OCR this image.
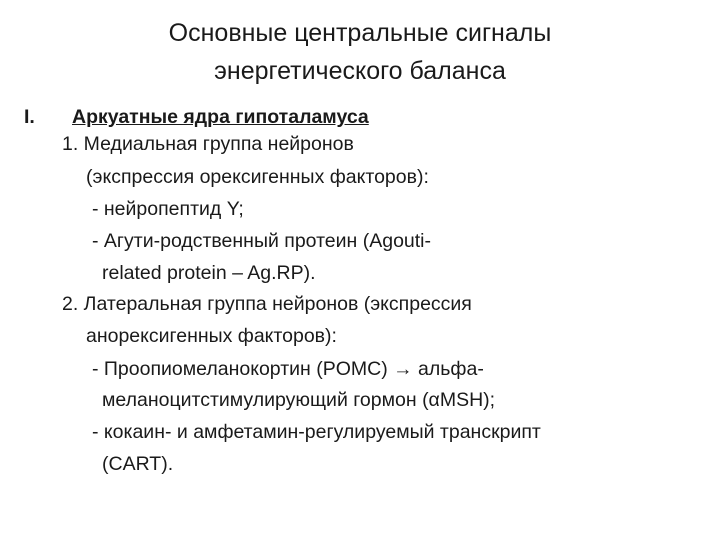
Основные центральные сигналы
энергетического баланса
I. Аркуатные ядра гипоталамуса

1. Медиальная группа нейронов

(экспрессия орексигенных факторов):

- нейропептид Y;

- Агути-родственный протеин (Agouti-

related protein – Ag.RP).

2. Латеральная группа нейронов (экспрессия

анорексигенных факторов):

- Проопиомеланокортин (POMC) → альфа-

меланоцитстимулирующий гормон (αMSH);

- кокаин- и амфетамин-регулируемый транскрипт

(CART).
